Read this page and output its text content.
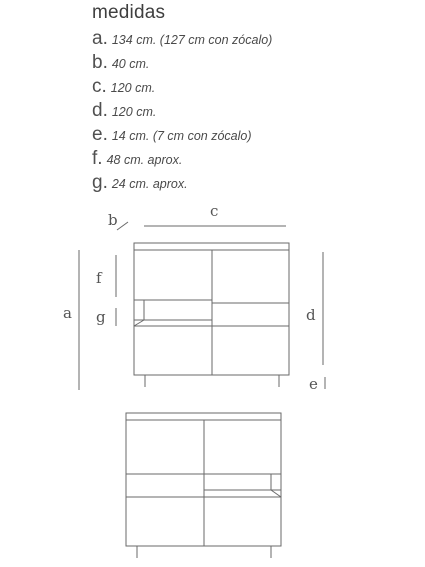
medidas
a. 134 cm. (127 cm con zócalo)
b. 40 cm.
c. 120 cm.
d. 120 cm.
e. 14 cm. (7 cm con zócalo)
f. 48 cm. aprox.
g. 24 cm. aprox.
a
b	c
d
e
f
g
